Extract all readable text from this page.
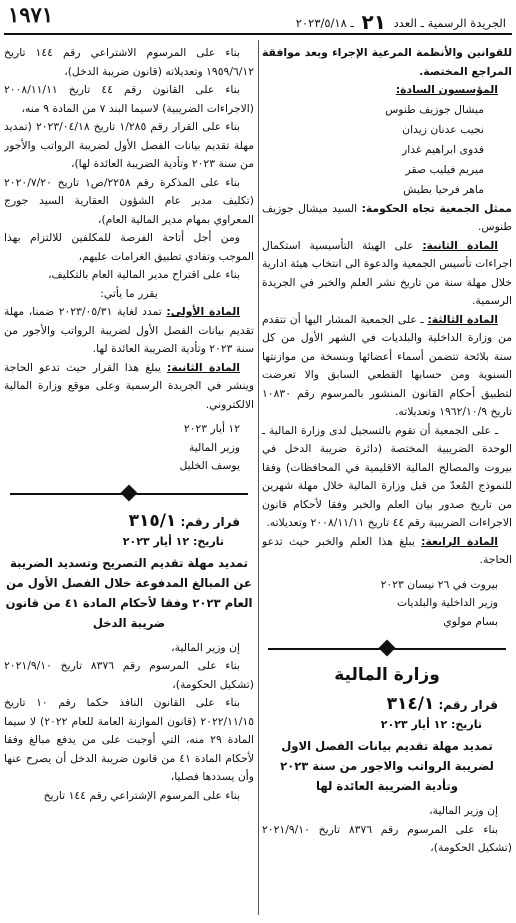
١٩٧١	الجريدة الرسمية ـ العدد ٢١ ـ ٢٠٢٣/٥/١٨

للقوانين والأنظمة المرعية الإجراء وبعد موافقة المراجع المختصة.

المؤسسون السادة:

ميشال جوزيف طنوس
نجيب عدنان زيدان
فدوى ابراهيم غدار
ميريم فيليب صقر
ماهر فرحيا بطيش

ممثل الجمعية تجاه الحكومة: السيد ميشال جوزيف طنوس.

المادة الثانية: على الهيئة التأسيسية استكمال اجراءات تأسيس الجمعية والدعوة الى انتخاب هيئة ادارية خلال مهلة سنة من تاريخ نشر العلم والخبر في الجريدة الرسمية.

المادة الثالثة: ـ على الجمعية المشار اليها أن تتقدم من وزارة الداخلية والبلديات في الشهر الأول من كل سنة بلائحة تتضمن أسماء أعضائها وبنسخة من موازنتها السنوية ومن حسابها القطعي السابق والا تعرضت لتطبيق أحكام القانون المنشور بالمرسوم رقم ١٠٨٣٠ تاريخ ١٩٦٢/١٠/٩ وتعديلاته.

ـ على الجمعية أن تقوم بالتسجيل لدى وزارة المالية ـ الوحدة الضريبية المختصة (دائرة ضريبة الدخل في بيروت والمصالح المالية الاقليمية في المحافظات) وفقا للنموذج المُعدّ من قبل وزارة المالية خلال مهلة شهرين من تاريخ صدور بيان العلم والخبر وفقا لأحكام قانون الاجراءات الضريبية رقم ٤٤ تاريخ ٢٠٠٨/١١/١١ وتعديلاته.

المادة الرابعة: يبلغ هذا العلم والخبر حيث تدعو الحاجة.

بيروت في ٢٦ نيسان ٢٠٢٣
وزير الداخلية والبلديات
بسام مولوي
وزارة المالية
قرار رقم: ٣١٤/١
تاريخ: ١٢ أيار ٢٠٢٣
تمديد مهلة تقديم بيانات الفصل الاول لضريبة الرواتب والاجور من سنة ٢٠٢٣ وتأدية الضريبة العائدة لها

إن وزير المالية،

بناء على المرسوم رقم ٨٣٧٦ تاريخ ٢٠٢١/٩/١٠ (تشكيل الحكومة)،

بناء على المرسوم الاشتراعي رقم ١٤٤ تاريخ ١٩٥٩/٦/١٢ وتعديلاته (قانون ضريبة الدخل)،

بناء على القانون رقم ٤٤ تاريخ ٢٠٠٨/١١/١١ (الاجراءات الضريبية) لاسيما البند ٧ من المادة ٩ منه،

بناء على القرار رقم ١/٢٨٥ تاريخ ٢٠٢٣/٠٤/١٨ (تمديد مهلة تقديم بيانات الفصل الأول لضريبة الرواتب والأجور من سنة ٢٠٢٣ وتأدية الضريبة العائدة لها)،

بناء على المذكرة رقم ٢٢٥٨/ص١ تاريخ ٢٠٢٠/٧/٢٠ (تكليف مدير عام الشؤون العقارية السيد جورج المعراوي بمهام مدير المالية العام)،

ومن أجل أتاحة الفرصة للمكلفين للالتزام بهذا الموجب وتفادي تطبيق الغرامات عليهم،

بناء على اقتراح مدير المالية العام بالتكليف،

يقرر ما يأتي:

المادة الأولى: تمدد لغاية ٢٠٢٣/٠٥/٣١ ضمنا، مهلة تقديم بيانات الفصل الأول لضريبة الرواتب والأجور من سنة ٢٠٢٣ وتأدية الضريبة العائدة لها.

المادة الثانية: يبلغ هذا القرار حيث تدعو الحاجة وينشر في الجريدة الرسمية وعلى موقع وزارة المالية الالكتروني.

١٢ أيار ٢٠٢٣
وزير المالية
يوسف الخليل
قرار رقم: ٣١٥/١
تاريخ: ١٢ أيار ٢٠٢٣
تمديد مهلة تقديم التصريح وتسديد الضريبة عن المبالغ المدفوعة خلال الفصل الأول من العام ٢٠٢٣ وفقا لأحكام المادة ٤١ من قانون ضريبة الدخل

إن وزير المالية،

بناء على المرسوم رقم ٨٣٧٦ تاريخ ٢٠٢١/٩/١٠ (تشكيل الحكومة)،

بناء على القانون النافذ حكما رقم ١٠ تاريخ ٢٠٢٢/١١/١٥ (قانون الموازنة العامة للعام ٢٠٢٢) لا سيما المادة ٢٩ منه، التي أوجبت على من يدفع مبالغ وفقا لأحكام المادة ٤١ من قانون ضريبة الدخل أن يصرح عنها وأن يسددها فصليا،

بناء على المرسوم الإشتراعي رقم ١٤٤ تاريخ
